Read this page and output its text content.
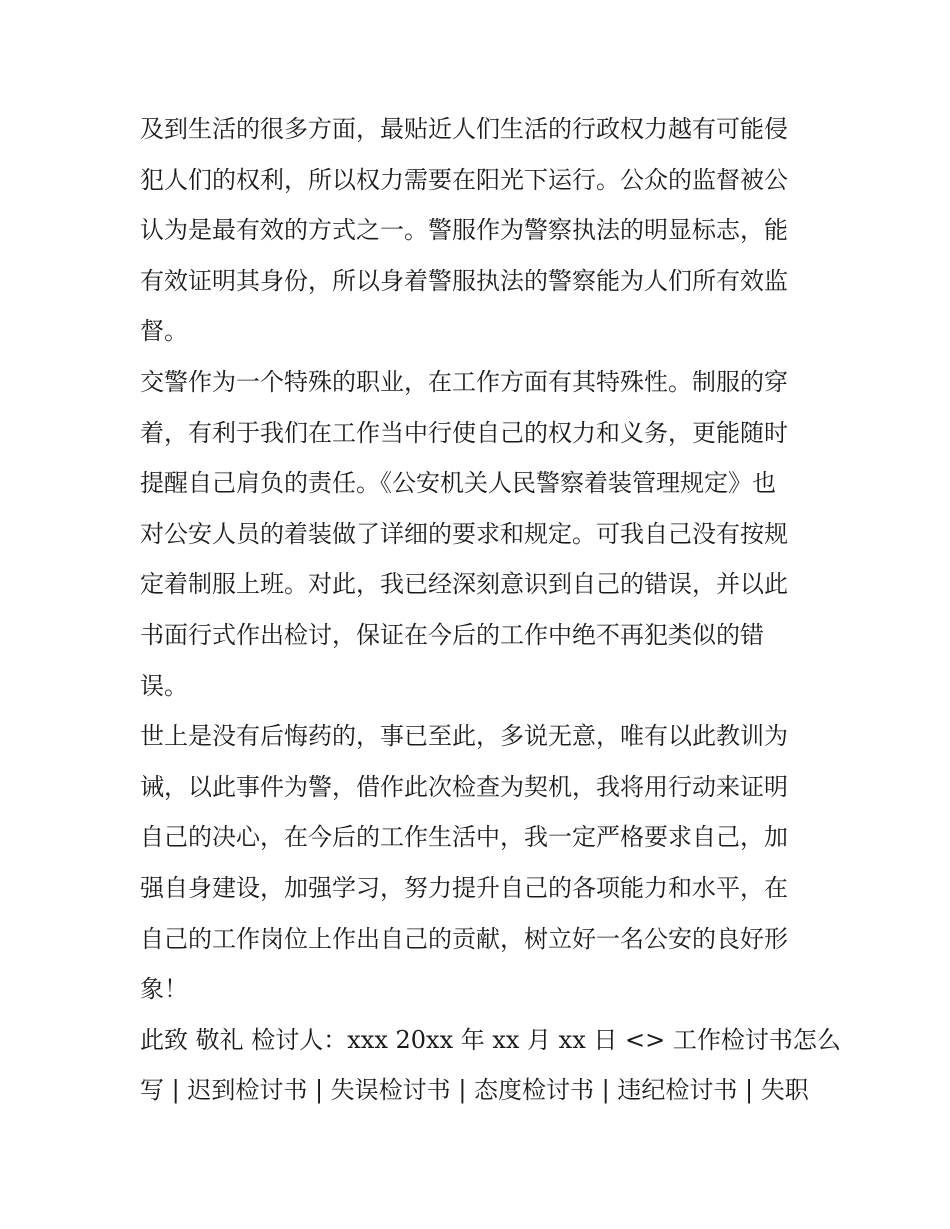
及到生活的很多方面，最贴近人们生活的行政权力越有可能侵
犯人们的权利，所以权力需要在阳光下运行。公众的监督被公
认为是最有效的方式之一。警服作为警察执法的明显标志，能
有效证明其身份，所以身着警服执法的警察能为人们所有效监
督。
交警作为一个特殊的职业，在工作方面有其特殊性。制服的穿
着，有利于我们在工作当中行使自己的权力和义务，更能随时
提醒自己肩负的责任。《公安机关人民警察着装管理规定》也
对公安人员的着装做了详细的要求和规定。可我自己没有按规
定着制服上班。对此，我已经深刻意识到自己的错误，并以此
书面行式作出检讨，保证在今后的工作中绝不再犯类似的错
误。
世上是没有后悔药的，事已至此，多说无意，唯有以此教训为
诫，以此事件为警，借作此次检查为契机，我将用行动来证明
自己的决心，在今后的工作生活中，我一定严格要求自己，加
强自身建设，加强学习，努力提升自己的各项能力和水平，在
自己的工作岗位上作出自己的贡献，树立好一名公安的良好形
象！
此致 敬礼 检讨人：xxx 20xx 年 xx 月 xx 日 <> 工作检讨书怎么
写 | 迟到检讨书 | 失误检讨书 | 态度检讨书 | 违纪检讨书 | 失职
